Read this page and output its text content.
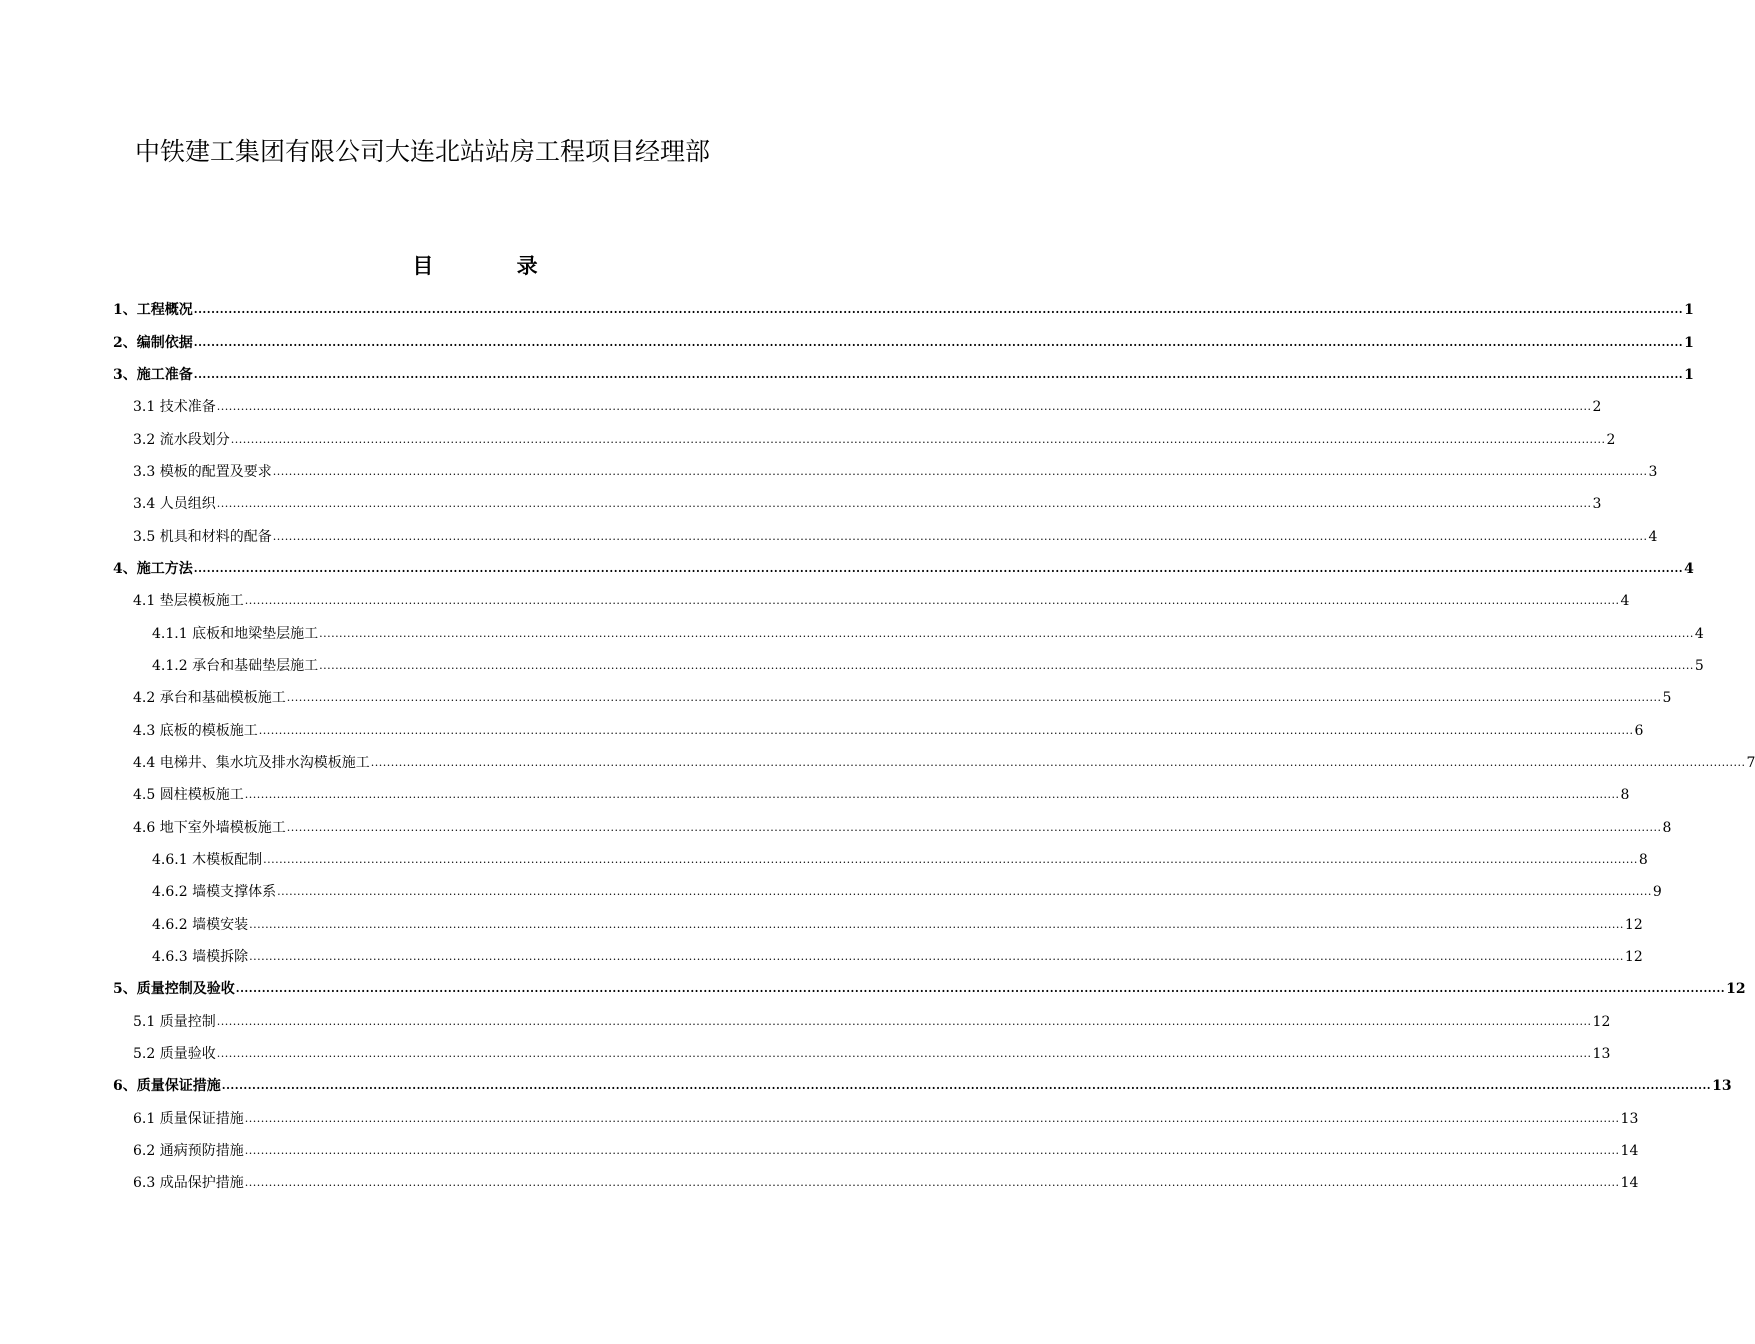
中铁建工集团有限公司大连北站站房工程项目经理部
目 录
1、工程概况 .....	1
2、编制依据 .....	1
3、施工准备 .....	1
3.1 技术准备 .....	2
3.2 流水段划分 .....	2
3.3 模板的配置及要求 .....	3
3.4 人员组织 .....	3
3.5 机具和材料的配备 .....	4
4、施工方法 .....	4
4.1 垫层模板施工 .....	4
4.1.1 底板和地梁垫层施工 .....	4
4.1.2 承台和基础垫层施工 .....	5
4.2 承台和基础模板施工 .....	5
4.3 底板的模板施工 .....	6
4.4 电梯井、集水坑及排水沟模板施工 .....	7
4.5 圆柱模板施工 .....	8
4.6 地下室外墙模板施工 .....	8
4.6.1 木模板配制 .....	8
4.6.2 墙模支撑体系 .....	9
4.6.2 墙模安装 .....	12
4.6.3 墙模拆除 .....	12
5、质量控制及验收 .....	12
5.1 质量控制 .....	12
5.2 质量验收 .....	13
6、质量保证措施 .....	13
6.1 质量保证措施 .....	13
6.2 通病预防措施 .....	14
6.3 成品保护措施 .....	14
